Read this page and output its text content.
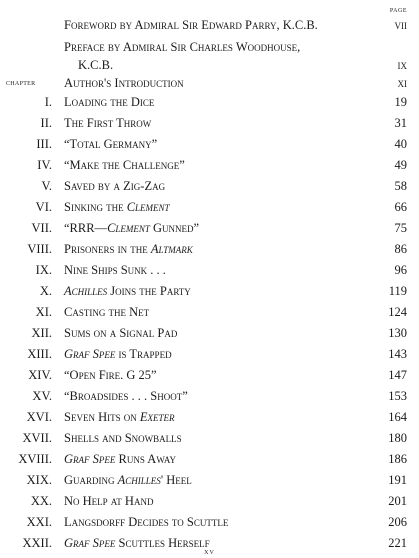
PAGE
Foreword by Admiral Sir Edward Parry, K.C.B.	vii
Preface by Admiral Sir Charles Woodhouse,
K.C.B.	ix
CHAPTER Author's Introduction	xi
I. Loading the Dice	19
II. The First Throw	31
III. “Total Germany”	40
IV. “Make the Challenge”	49
V. Saved by a Zig-Zag	58
VI. Sinking the Clement	66
VII. “RRR—Clement Gunned”	75
VIII. Prisoners in the Altmark	86
IX. Nine Ships Sunk . . .	96
X. Achilles Joins the Party	119
XI. Casting the Net	124
XII. Sums on a Signal Pad	130
XIII. Graf Spee is Trapped	143
XIV. “Open Fire. G 25”	147
XV. “Broadsides . . . Shoot”	153
XVI. Seven Hits on Exeter	164
XVII. Shells and Snowballs	180
XVIII. Graf Spee Runs Away	186
XIX. Guarding Achilles' Heel	191
XX. No Help at Hand	201
XXI. Langsdorff Decides to Scuttle	206
XXII. Graf Spee Scuttles Herself	221
xv
